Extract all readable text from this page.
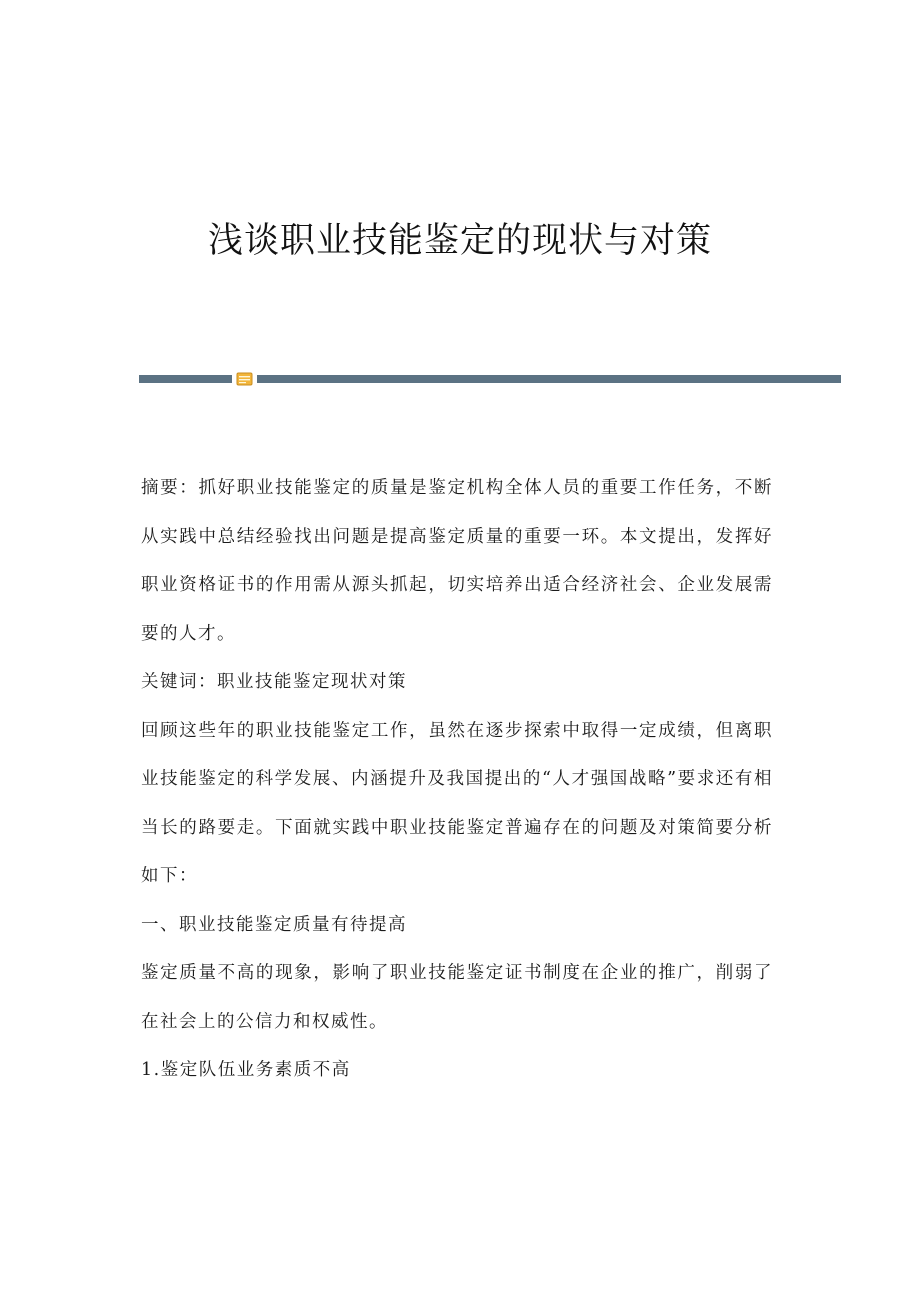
浅谈职业技能鉴定的现状与对策

摘要：抓好职业技能鉴定的质量是鉴定机构全体人员的重要工作任务，不断从实践中总结经验找出问题是提高鉴定质量的重要一环。本文提出，发挥好职业资格证书的作用需从源头抓起，切实培养出适合经济社会、企业发展需要的人才。

关键词：职业技能鉴定现状对策

回顾这些年的职业技能鉴定工作，虽然在逐步探索中取得一定成绩，但离职业技能鉴定的科学发展、内涵提升及我国提出的“人才强国战略”要求还有相当长的路要走。下面就实践中职业技能鉴定普遍存在的问题及对策简要分析如下：

一、职业技能鉴定质量有待提高

鉴定质量不高的现象，影响了职业技能鉴定证书制度在企业的推广，削弱了在社会上的公信力和权威性。

1.鉴定队伍业务素质不高
